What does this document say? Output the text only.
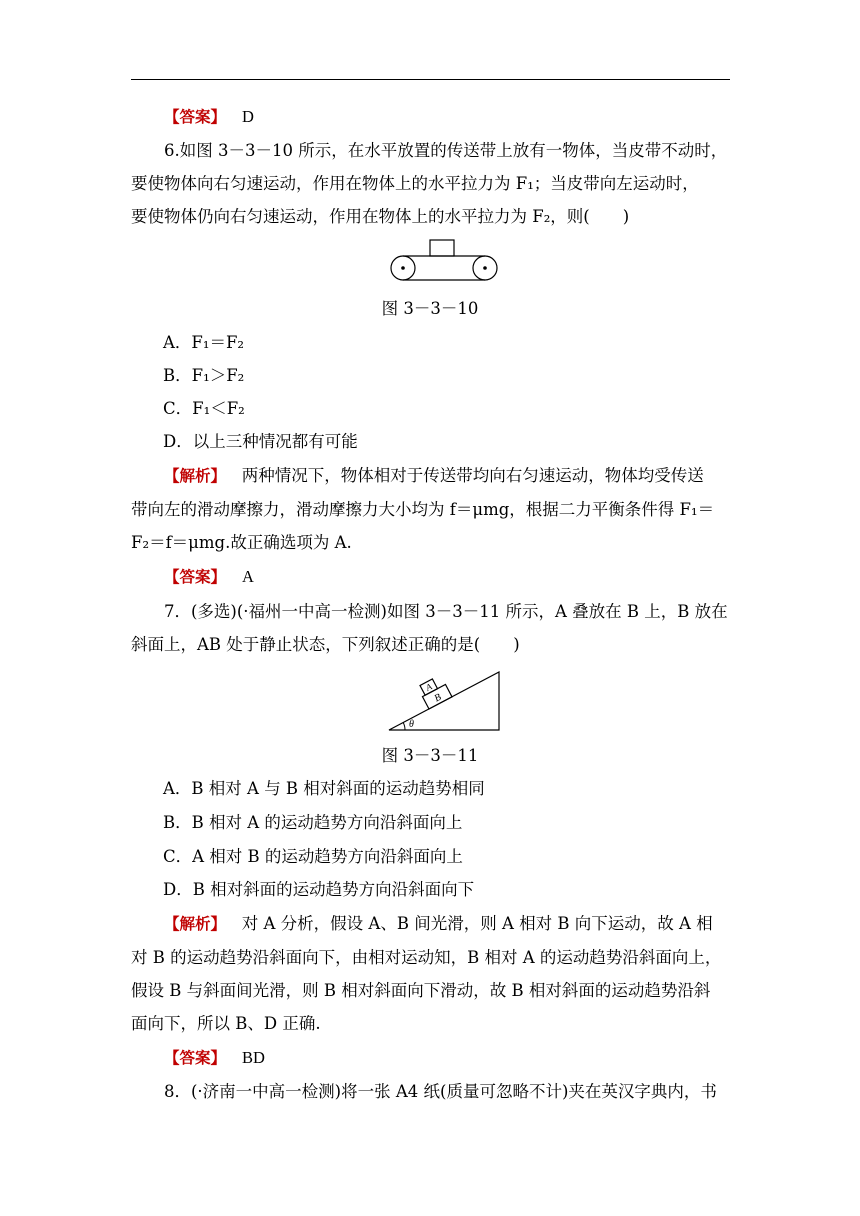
【答案】 D
6.如图 3－3－10 所示，在水平放置的传送带上放有一物体，当皮带不动时，
要使物体向右匀速运动，作用在物体上的水平拉力为 F₁；当皮带向左运动时，
要使物体仍向右匀速运动，作用在物体上的水平拉力为 F₂，则(　　)
图 3－3－10
A．F₁＝F₂
B．F₁＞F₂
C．F₁＜F₂
D．以上三种情况都有可能
【解析】 两种情况下，物体相对于传送带均向右匀速运动，物体均受传送
带向左的滑动摩擦力，滑动摩擦力大小均为 f＝μmg，根据二力平衡条件得 F₁＝
F₂＝f＝μmg.故正确选项为 A.
【答案】 A
7．(多选)(·福州一中高一检测)如图 3－3－11 所示，A 叠放在 B 上，B 放在
斜面上，AB 处于静止状态，下列叙述正确的是(　　)
B
A
θ
图 3－3－11
A．B 相对 A 与 B 相对斜面的运动趋势相同
B．B 相对 A 的运动趋势方向沿斜面向上
C．A 相对 B 的运动趋势方向沿斜面向上
D．B 相对斜面的运动趋势方向沿斜面向下
【解析】 对 A 分析，假设 A、B 间光滑，则 A 相对 B 向下运动，故 A 相
对 B 的运动趋势沿斜面向下，由相对运动知，B 相对 A 的运动趋势沿斜面向上，
假设 B 与斜面间光滑，则 B 相对斜面向下滑动，故 B 相对斜面的运动趋势沿斜
面向下，所以 B、D 正确.
【答案】 BD
8．(·济南一中高一检测)将一张 A4 纸(质量可忽略不计)夹在英汉字典内，书
